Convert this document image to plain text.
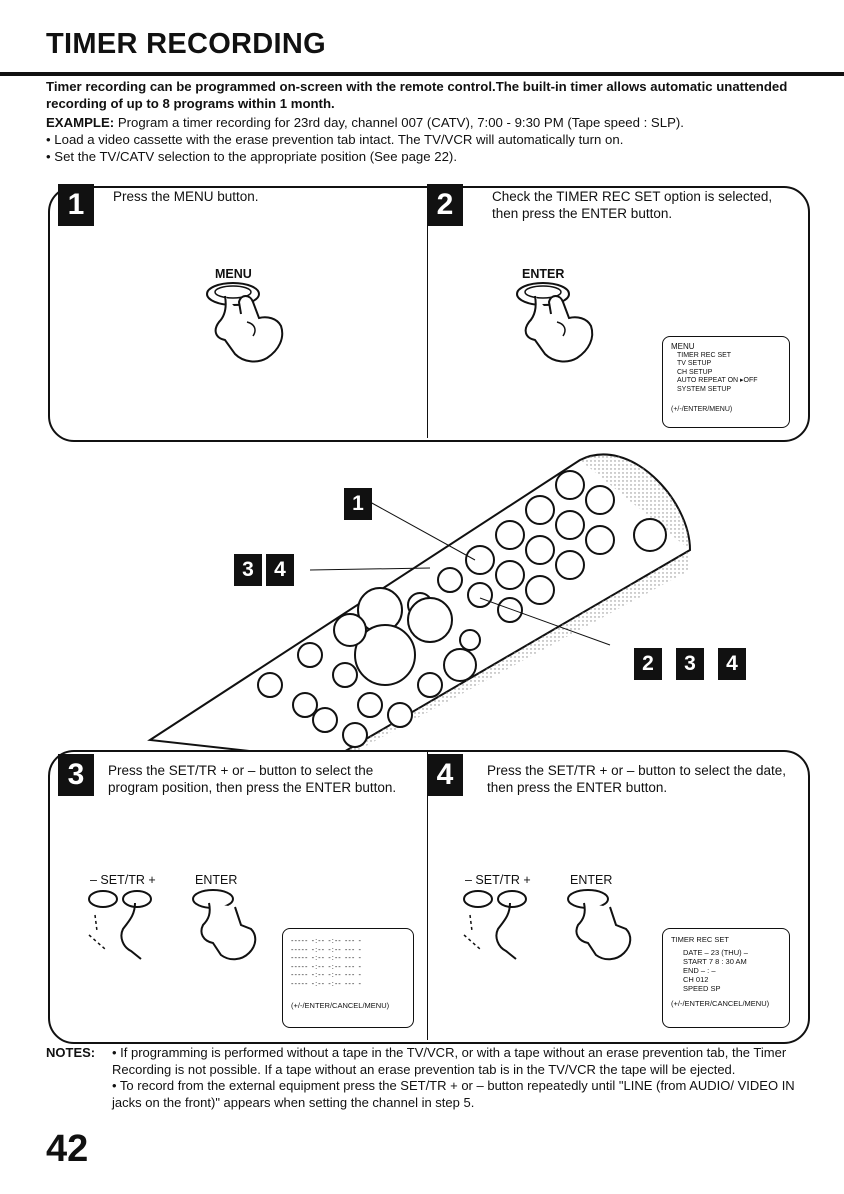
TIMER RECORDING

Timer recording can be programmed on-screen with the remote control.The built-in timer allows automatic unattended recording of up to 8 programs within 1 month.

EXAMPLE: Program a timer recording for 23rd day, channel 007 (CATV), 7:00 - 9:30 PM (Tape speed : SLP).

• Load a video cassette with the erase prevention tab intact. The TV/VCR will automatically turn on.

• Set the TV/CATV selection to the appropriate position (See page 22).

1	Press the MENU button.
MENU
2	Check the TIMER REC SET option is selected, then press the ENTER button.
ENTER
MENU
TIMER REC SET
TV SETUP
CH SETUP
AUTO REPEAT ON ▸OFF
SYSTEM SETUP
(+/-/ENTER/MENU)
1
3 4
2	3	4
3	Press the SET/TR + or – button to select the program position, then press the ENTER button.
– SET/TR +	ENTER
----- -:-- -:-- --- -
----- -:-- -:-- --- -
----- -:-- -:-- --- -
----- -:-- -:-- --- -
----- -:-- -:-- --- -
----- -:-- -:-- --- -
(+/-/ENTER/CANCEL/MENU)
4	Press the SET/TR + or – button to select the date, then press the ENTER button.
– SET/TR +	ENTER
TIMER REC SET
DATE – 23 (THU) –
START 7 8 : 30 AM
END – : –
CH 012
SPEED SP
(+/-/ENTER/CANCEL/MENU)
NOTES: • If programming is performed without a tape in the TV/VCR, or with a tape without an erase prevention tab, the Timer Recording is not possible. If a tape without an erase prevention tab is in the TV/VCR the tape will be ejected.
• To record from the external equipment press the SET/TR + or – button repeatedly until "LINE (from AUDIO/ VIDEO IN jacks on the front)" appears when setting the channel in step 5.
42
